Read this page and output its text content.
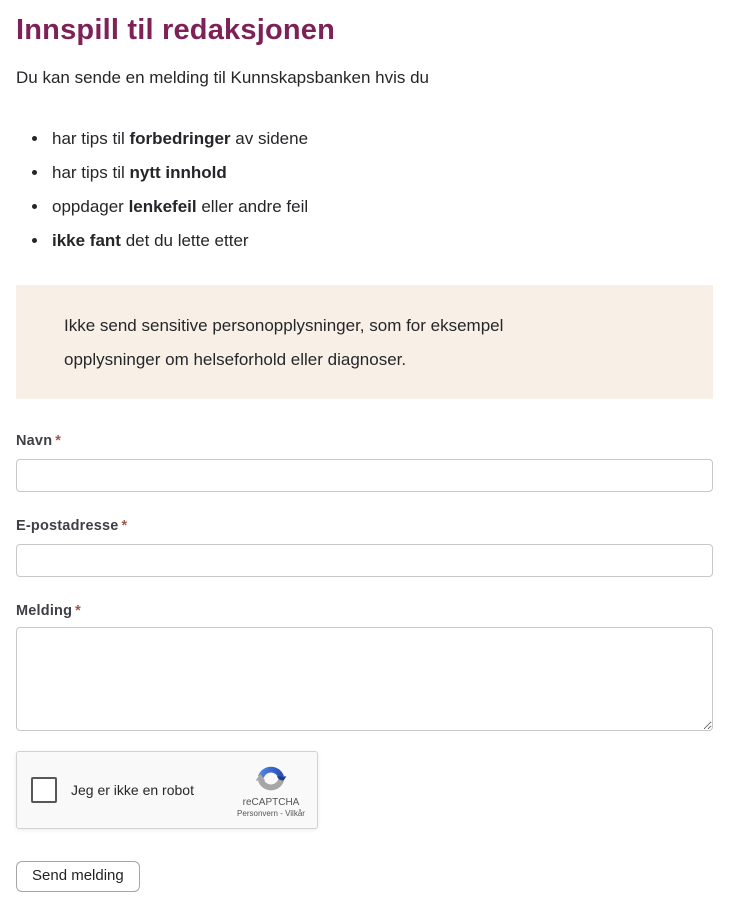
Innspill til redaksjonen

Du kan sende en melding til Kunnskapsbanken hvis du

• har tips til forbedringer av sidene
• har tips til nytt innhold
• oppdager lenkefeil eller andre feil
• ikke fant det du lette etter

Ikke send sensitive personopplysninger, som for eksempel opplysninger om helseforhold eller diagnoser.

Navn *
E-postadresse *
Melding *
Jeg er ikke en robot
reCAPTCHA
Personvern - Vilkår
Send melding
